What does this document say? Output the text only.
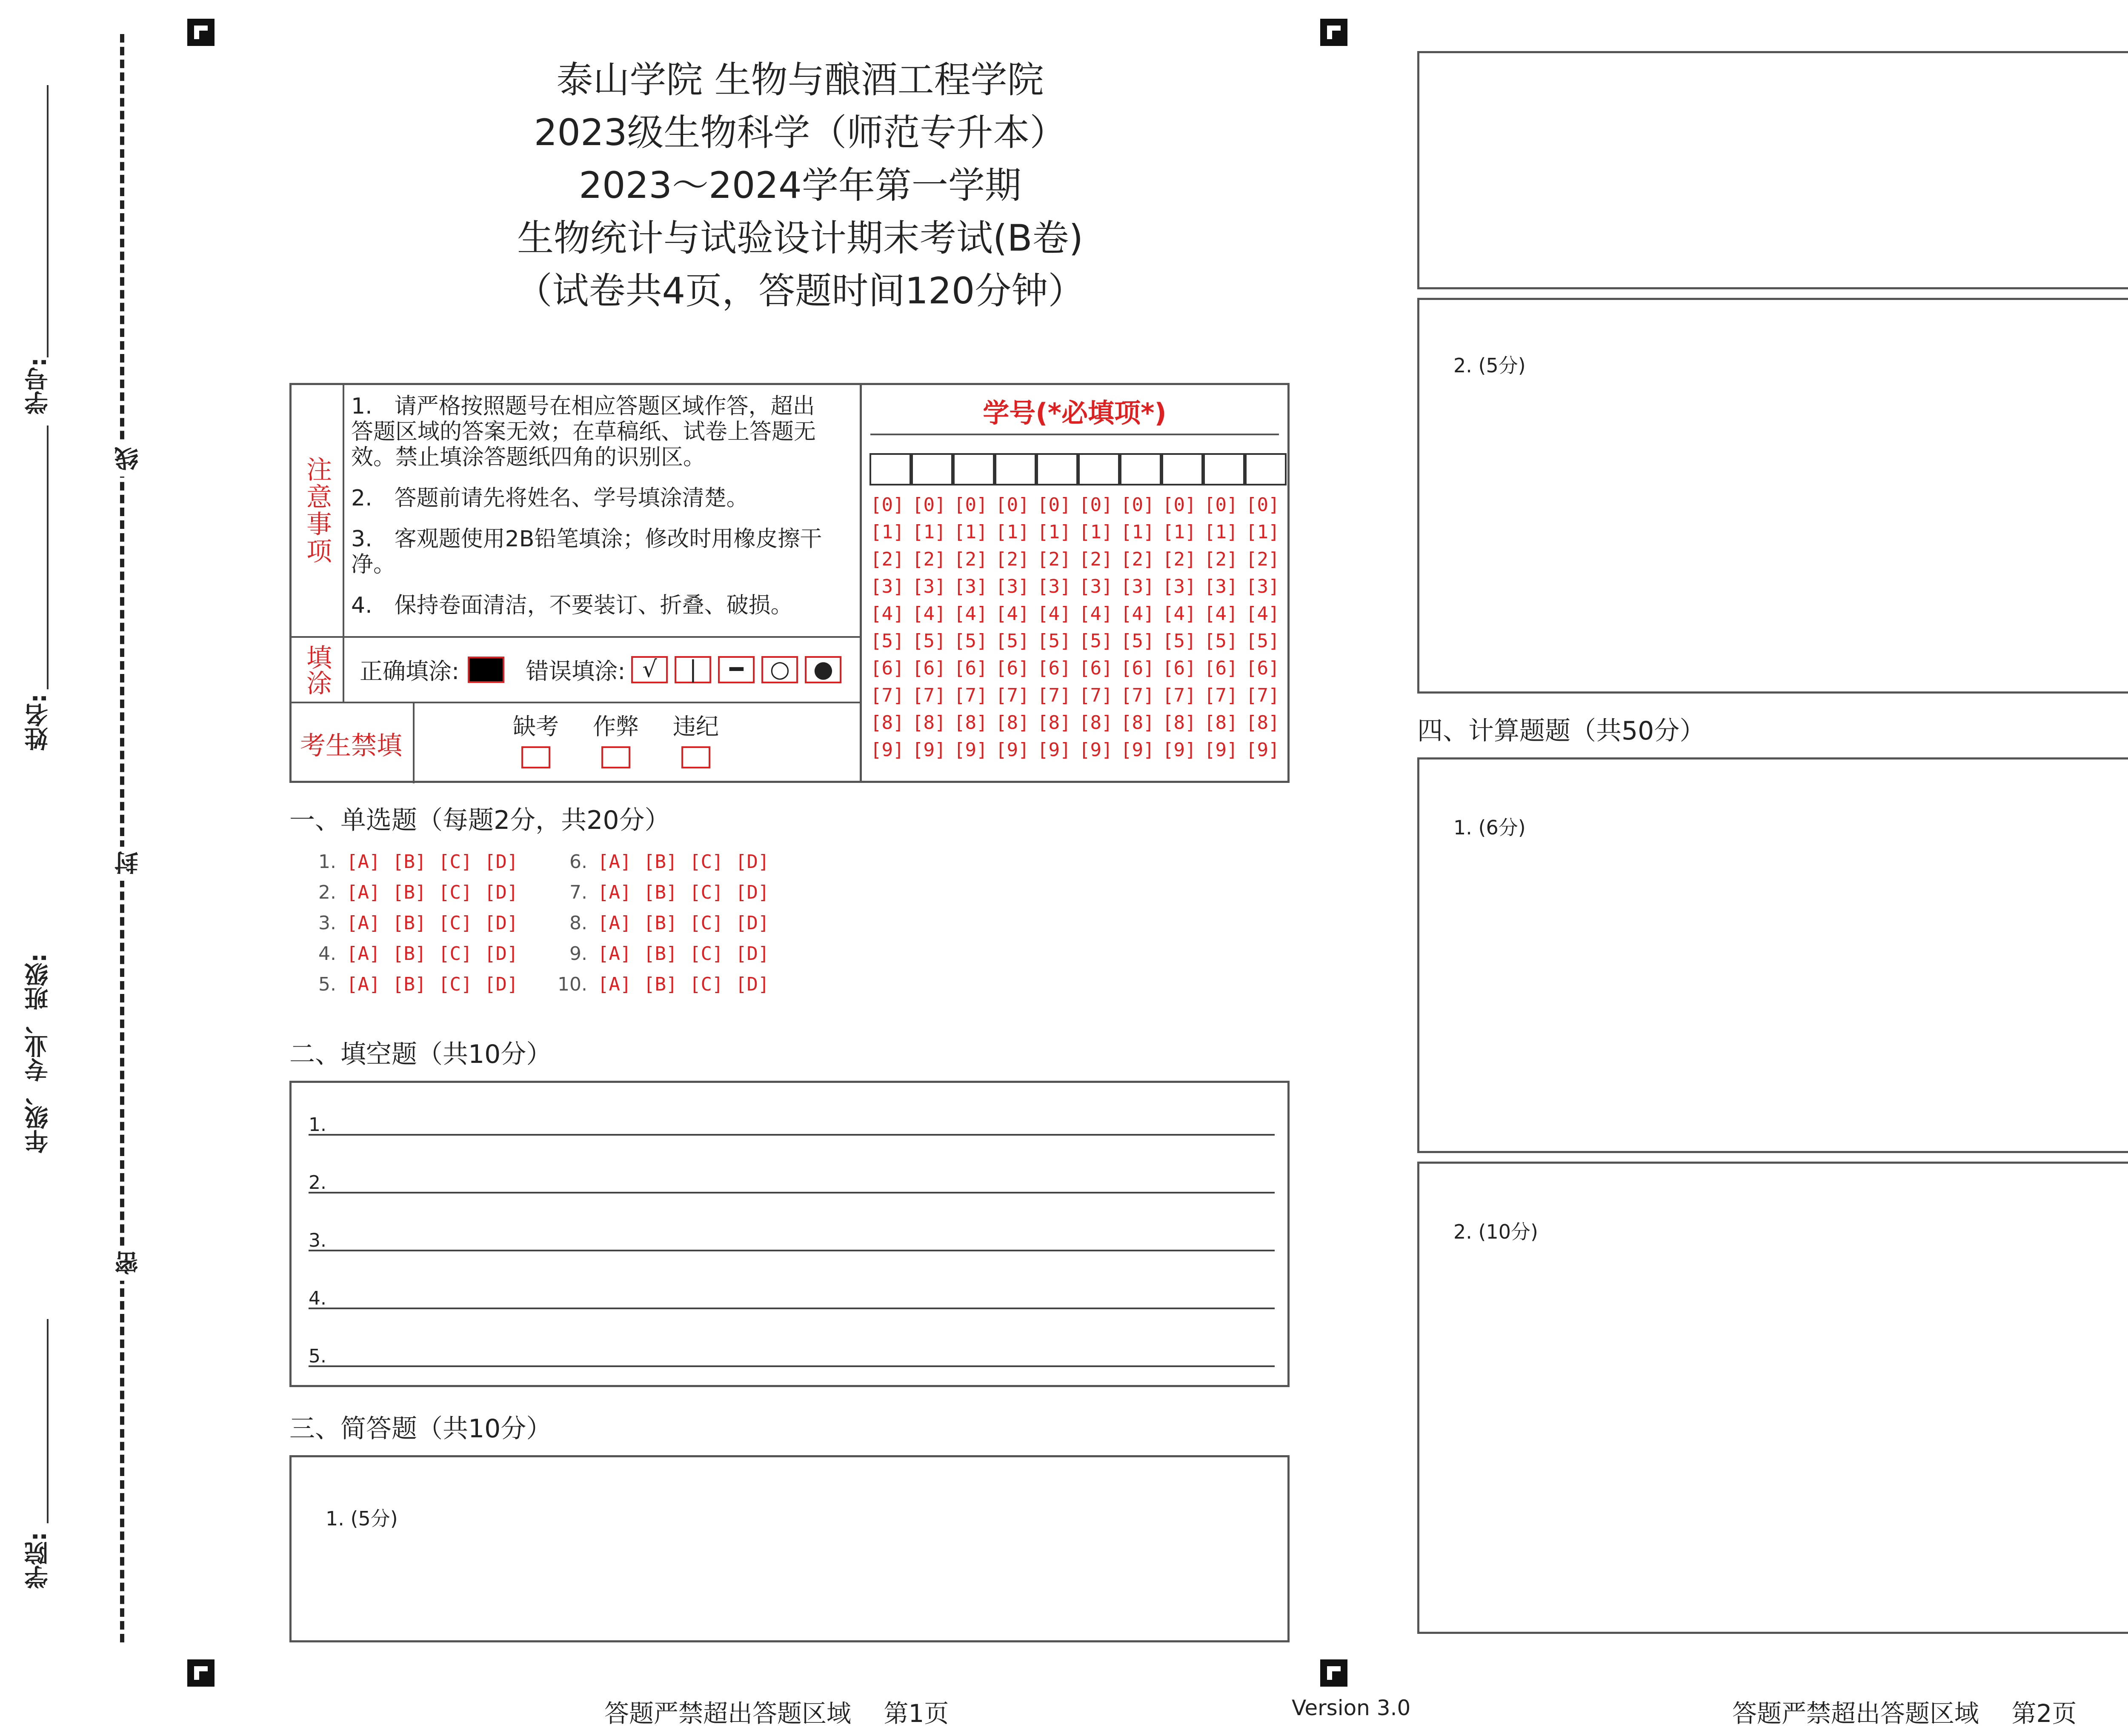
线
封
密
学号:
姓名:
年级、专业、班级:
学院:
泰山学院 生物与酿酒工程学院
2023级生物科学（师范专升本）
2023～2024学年第一学期
生物统计与试验设计期末考试(B卷)
（试卷共4页，答题时间120分钟）
注意事项
1.　请严格按照题号在相应答题区域作答，超出答题区域的答案无效；在草稿纸、试卷上答题无效。禁止填涂答题纸四角的识别区。
2.　答题前请先将姓名、学号填涂清楚。
3.　客观题使用2B铅笔填涂；修改时用橡皮擦干净。
4.　保持卷面清洁，不要装订、折叠、破损。
填涂 正确填涂:	错误填涂: √	|	━	○	●
考生禁填
缺考 作弊 违纪
学号(*必填项*)
[0] [0] [0] [0] [0] [0] [0] [0] [0] [0]
[1] [1] [1] [1] [1] [1] [1] [1] [1] [1]
[2] [2] [2] [2] [2] [2] [2] [2] [2] [2]
[3] [3] [3] [3] [3] [3] [3] [3] [3] [3]
[4] [4] [4] [4] [4] [4] [4] [4] [4] [4]
[5] [5] [5] [5] [5] [5] [5] [5] [5] [5]
[6] [6] [6] [6] [6] [6] [6] [6] [6] [6]
[7] [7] [7] [7] [7] [7] [7] [7] [7] [7]
[8] [8] [8] [8] [8] [8] [8] [8] [8] [8]
[9] [9] [9] [9] [9] [9] [9] [9] [9] [9]
一、单选题（每题2分，共20分）
1. [A] [B] [C] [D]
2. [A] [B] [C] [D]
3. [A] [B] [C] [D]
4. [A] [B] [C] [D]
5. [A] [B] [C] [D]
6. [A] [B] [C] [D]
7. [A] [B] [C] [D]
8. [A] [B] [C] [D]
9. [A] [B] [C] [D]
10. [A] [B] [C] [D]
二、填空题（共10分）
1.
2.
3.
4.
5.
三、简答题（共10分）
1. (5分)
2. (5分)
四、计算题题（共50分）
1. (6分)
2. (10分)
答题严禁超出答题区域　 第1页	Version 3.0	答题严禁超出答题区域　 第2页
